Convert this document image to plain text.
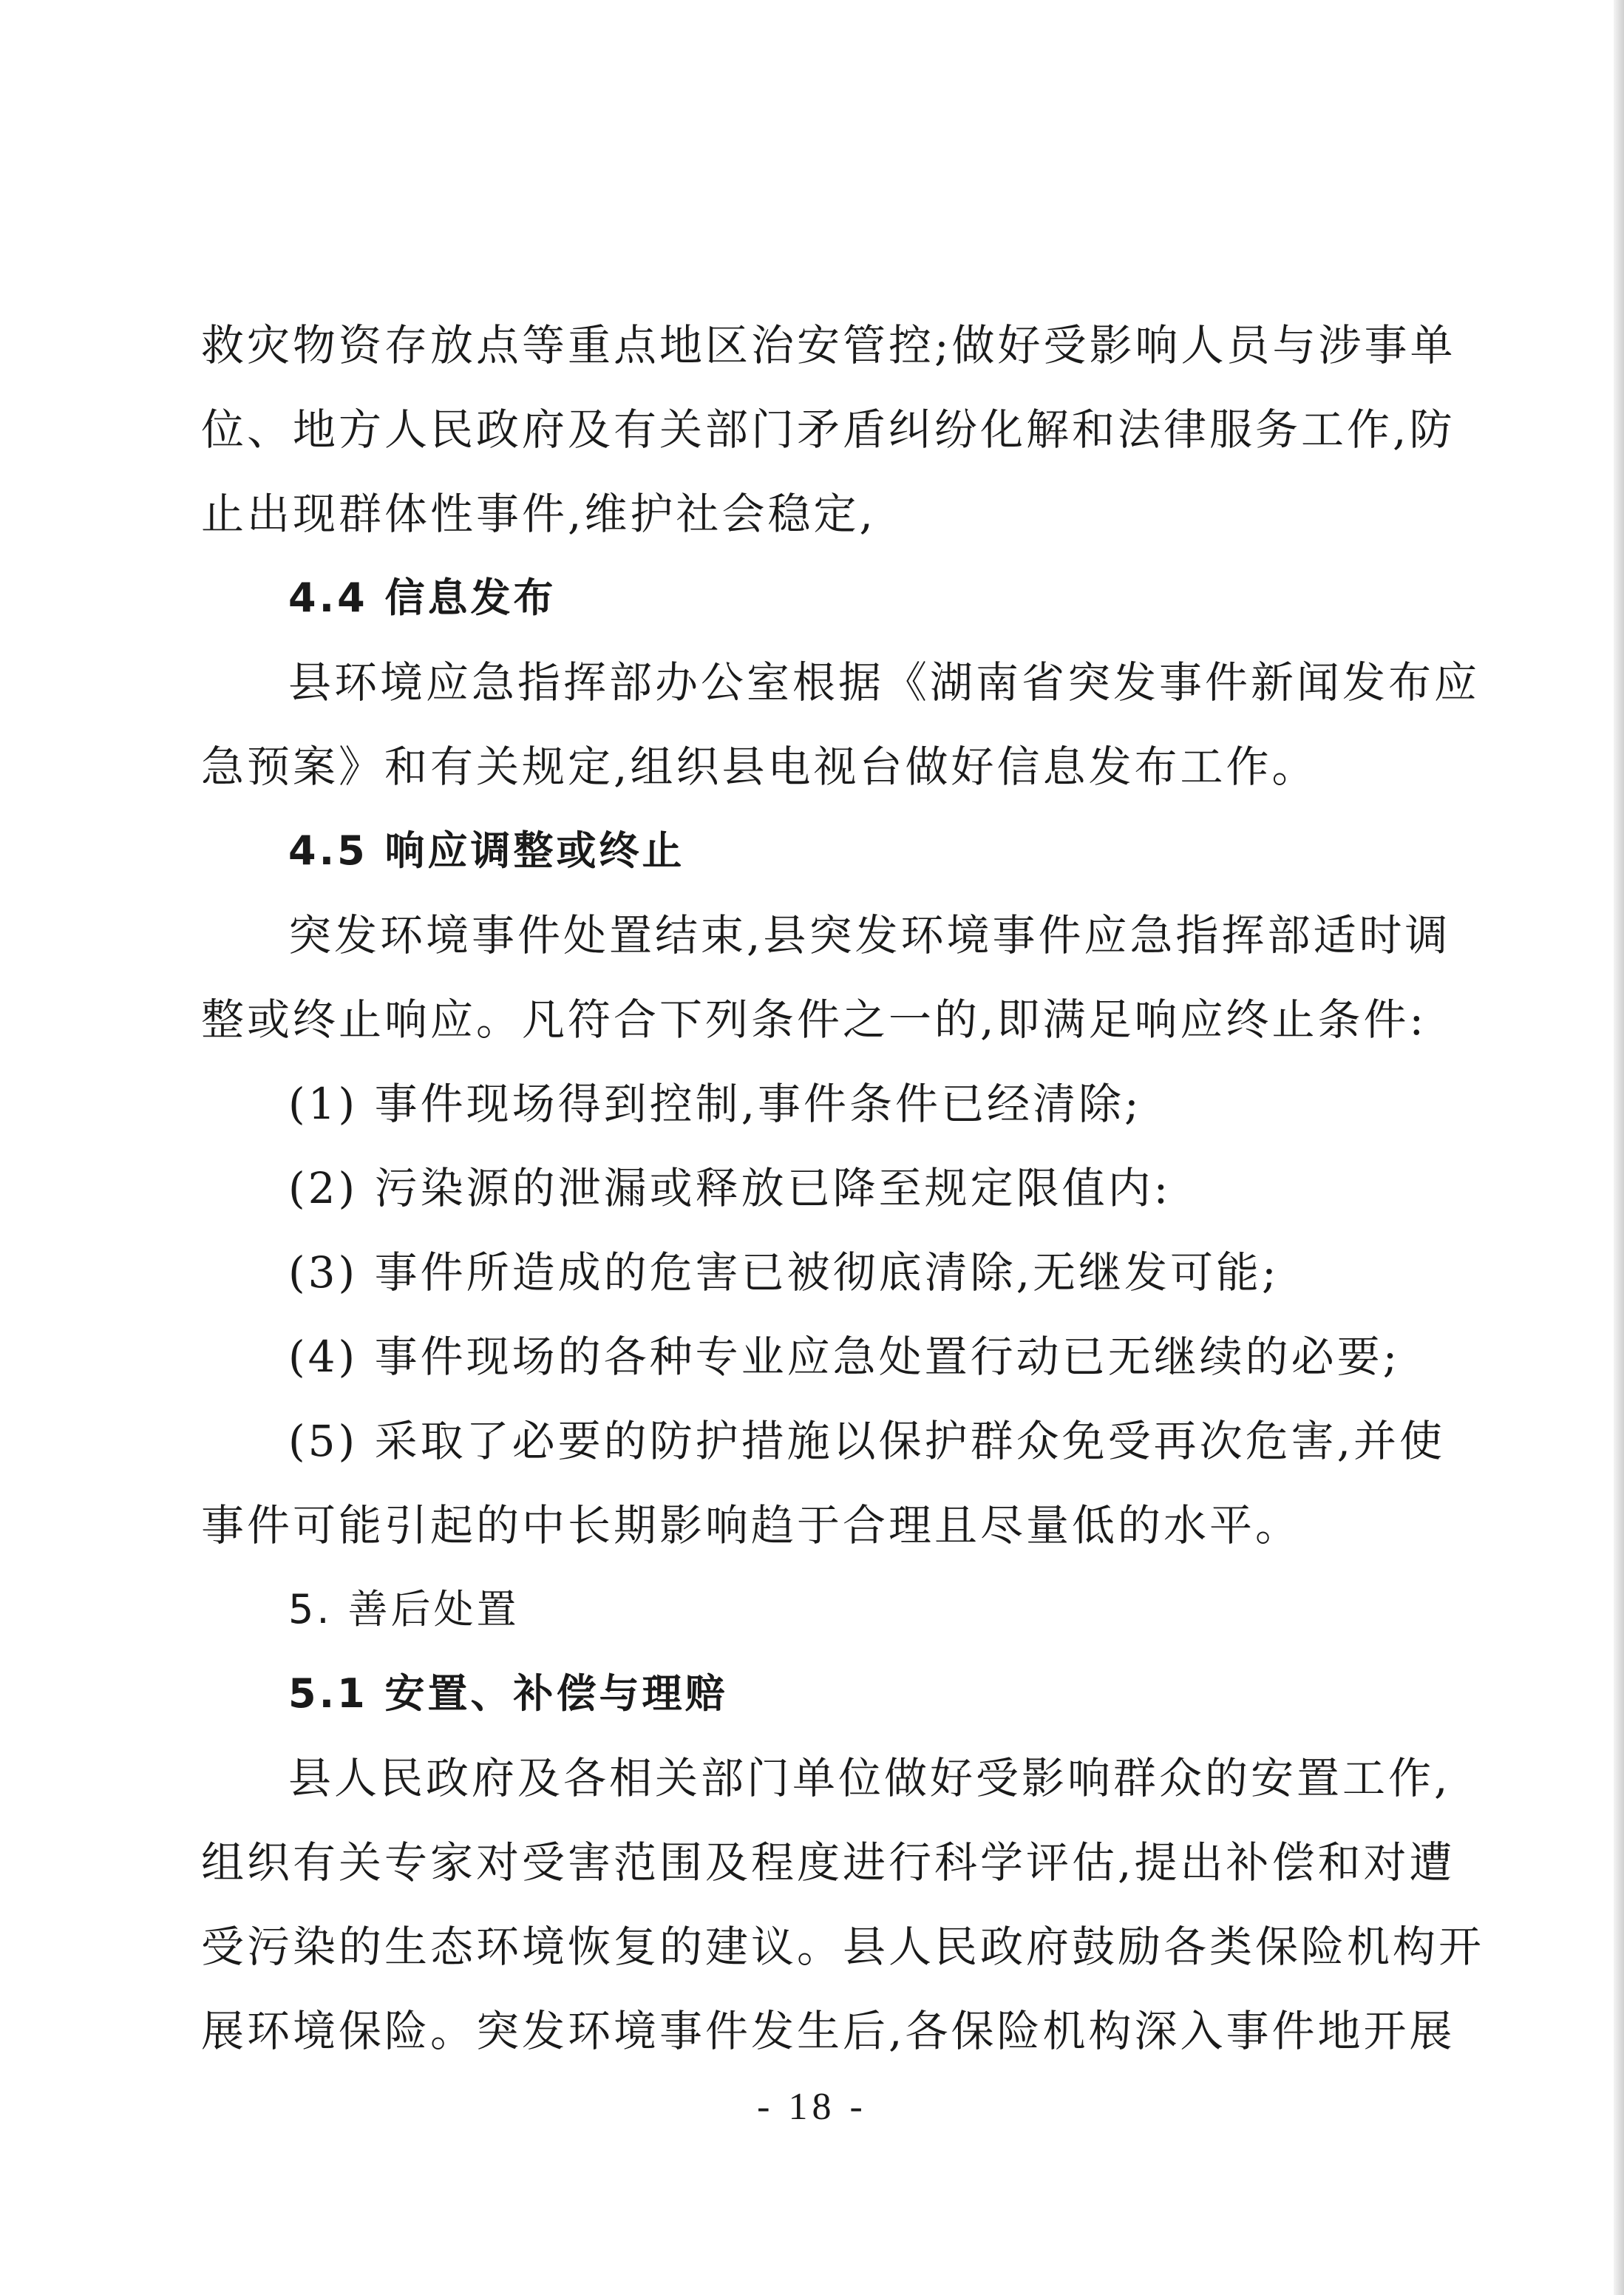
救灾物资存放点等重点地区治安管控;做好受影响人员与涉事单
位、地方人民政府及有关部门矛盾纠纷化解和法律服务工作,防
止出现群体性事件,维护社会稳定,
4.4 信息发布
县环境应急指挥部办公室根据《湖南省突发事件新闻发布应
急预案》和有关规定,组织县电视台做好信息发布工作。
4.5 响应调整或终止
突发环境事件处置结束,县突发环境事件应急指挥部适时调
整或终止响应。凡符合下列条件之一的,即满足响应终止条件:
(1) 事件现场得到控制,事件条件已经清除;
(2) 污染源的泄漏或释放已降至规定限值内:
(3) 事件所造成的危害已被彻底清除,无继发可能;
(4) 事件现场的各种专业应急处置行动已无继续的必要;
(5) 采取了必要的防护措施以保护群众免受再次危害,并使
事件可能引起的中长期影响趋于合理且尽量低的水平。
5. 善后处置
5.1 安置、补偿与理赔
县人民政府及各相关部门单位做好受影响群众的安置工作,
组织有关专家对受害范围及程度进行科学评估,提出补偿和对遭
受污染的生态环境恢复的建议。县人民政府鼓励各类保险机构开
展环境保险。突发环境事件发生后,各保险机构深入事件地开展
- 18 -
